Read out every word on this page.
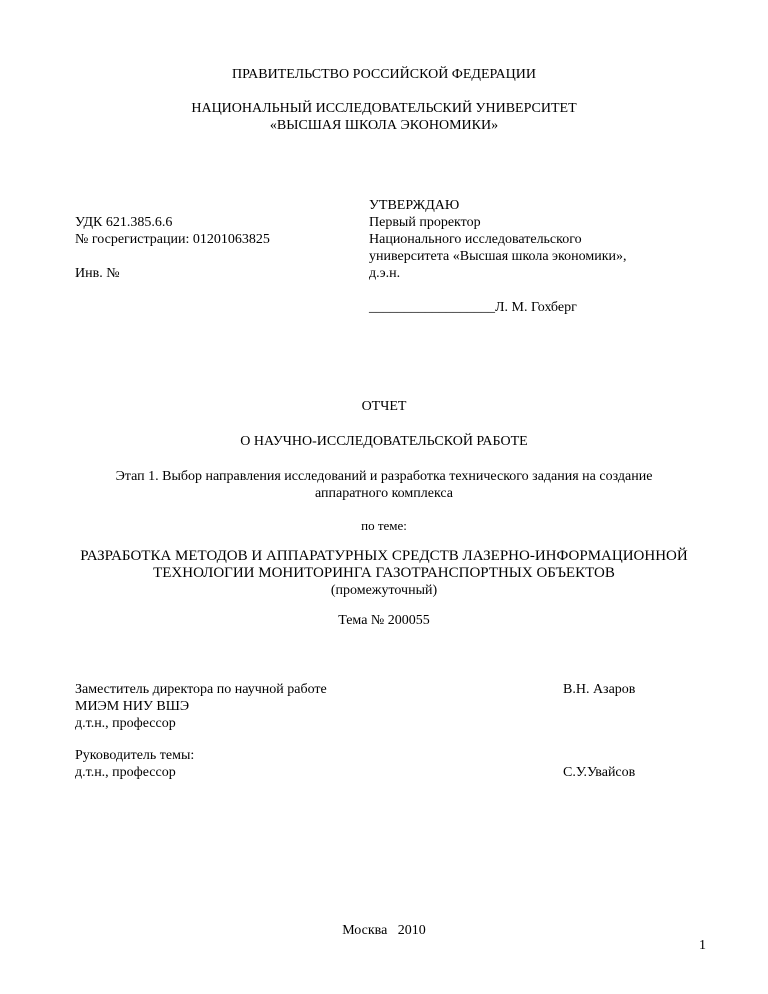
ПРАВИТЕЛЬСТВО РОССИЙСКОЙ ФЕДЕРАЦИИ
НАЦИОНАЛЬНЫЙ ИССЛЕДОВАТЕЛЬСКИЙ УНИВЕРСИТЕТ
«ВЫСШАЯ ШКОЛА ЭКОНОМИКИ»
УДК 621.385.6.6
№ госрегистрации: 01201063825
Инв. №
УТВЕРЖДАЮ
Первый проректор
Национального исследовательского
университета «Высшая школа экономики»,
д.э.н.
__________________Л. М. Гохберг
ОТЧЕТ
О НАУЧНО-ИССЛЕДОВАТЕЛЬСКОЙ РАБОТЕ
Этап 1. Выбор направления исследований и разработка технического задания на создание
аппаратного комплекса
по теме:
РАЗРАБОТКА МЕТОДОВ И АППАРАТУРНЫХ СРЕДСТВ ЛАЗЕРНО-ИНФОРМАЦИОННОЙ
ТЕХНОЛОГИИ МОНИТОРИНГА ГАЗОТРАНСПОРТНЫХ ОБЪЕКТОВ
(промежуточный)
Тема № 200055
Заместитель директора по научной работе
МИЭМ НИУ ВШЭ
д.т.н., профессор
В.Н. Азаров
Руководитель темы:
д.т.н., профессор	С.У.Увайсов

Москва   2010

1
